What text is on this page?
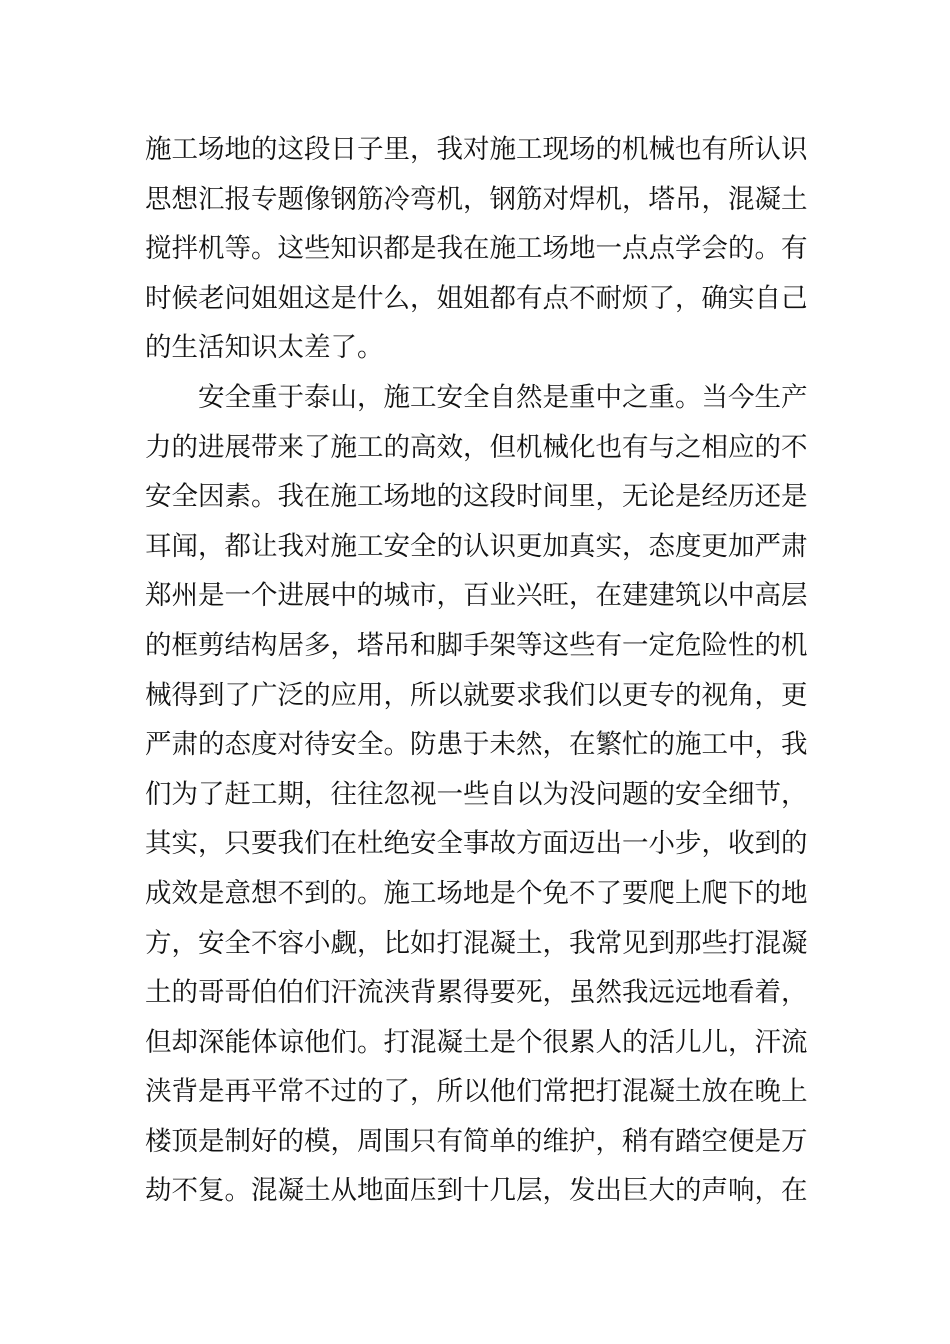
施工场地的这段日子里，我对施工现场的机械也有所认识
思想汇报专题像钢筋冷弯机，钢筋对焊机，塔吊，混凝土
搅拌机等。这些知识都是我在施工场地一点点学会的。有
时候老问姐姐这是什么，姐姐都有点不耐烦了，确实自己
的生活知识太差了。
安全重于泰山，施工安全自然是重中之重。当今生产
力的进展带来了施工的高效，但机械化也有与之相应的不
安全因素。我在施工场地的这段时间里，无论是经历还是
耳闻，都让我对施工安全的认识更加真实，态度更加严肃
郑州是一个进展中的城市，百业兴旺，在建建筑以中高层
的框剪结构居多，塔吊和脚手架等这些有一定危险性的机
械得到了广泛的应用，所以就要求我们以更专的视角，更
严肃的态度对待安全。防患于未然，在繁忙的施工中，我
们为了赶工期，往往忽视一些自以为没问题的安全细节，
其实，只要我们在杜绝安全事故方面迈出一小步，收到的
成效是意想不到的。施工场地是个免不了要爬上爬下的地
方，安全不容小觑，比如打混凝土，我常见到那些打混凝
土的哥哥伯伯们汗流浃背累得要死，虽然我远远地看着，
但却深能体谅他们。打混凝土是个很累人的活儿儿，汗流
浃背是再平常不过的了，所以他们常把打混凝土放在晚上
楼顶是制好的模，周围只有简单的维护，稍有踏空便是万
劫不复。混凝土从地面压到十几层，发出巨大的声响，在
